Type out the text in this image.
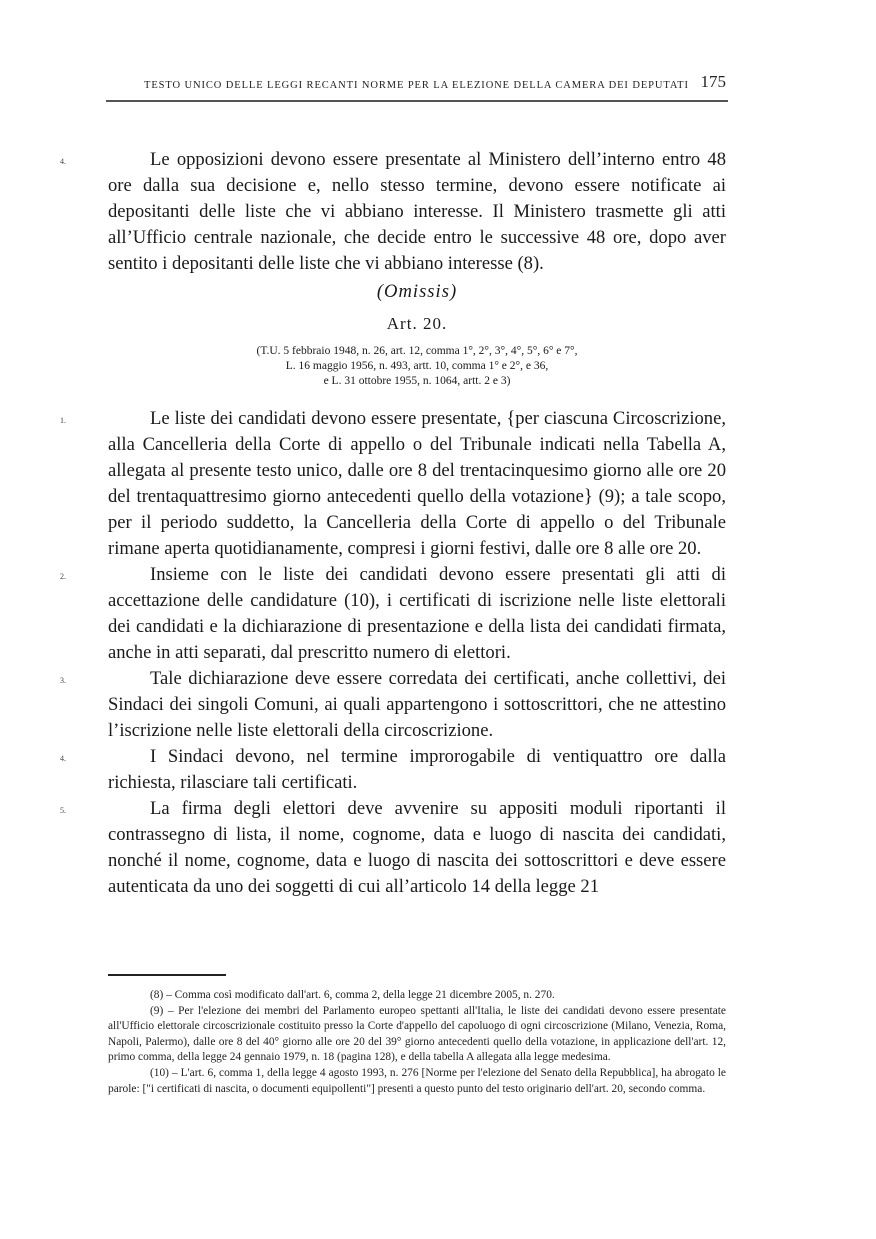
TESTO UNICO DELLE LEGGI RECANTI NORME PER LA ELEZIONE DELLA CAMERA DEI DEPUTATI 175

4.	Le opposizioni devono essere presentate al Ministero dell’interno entro 48 ore dalla sua decisione e, nello stesso termine, devono essere notificate ai depositanti delle liste che vi abbiano interesse. Il Ministero trasmette gli atti all’Ufficio centrale nazionale, che decide entro le successive 48 ore, dopo aver sentito i depositanti delle liste che vi abbiano interesse (8).

(Omissis)

Art. 20.

(T.U. 5 febbraio 1948, n. 26, art. 12, comma 1°, 2°, 3°, 4°, 5°, 6° e 7°,
L. 16 maggio 1956, n. 493, artt. 10, comma 1° e 2°, e 36,
e L. 31 ottobre 1955, n. 1064, artt. 2 e 3)

1.	Le liste dei candidati devono essere presentate, {per ciascuna Circoscrizione, alla Cancelleria della Corte di appello o del Tribunale indicati nella Tabella A, allegata al presente testo unico, dalle ore 8 del trentacinquesimo giorno alle ore 20 del trentaquattresimo giorno antecedenti quello della votazione} (9); a tale scopo, per il periodo suddetto, la Cancelleria della Corte di appello o del Tribunale rimane aperta quotidianamente, compresi i giorni festivi, dalle ore 8 alle ore 20.

2.	Insieme con le liste dei candidati devono essere presentati gli atti di accettazione delle candidature (10), i certificati di iscrizione nelle liste elettorali dei candidati e la dichiarazione di presentazione e della lista dei candidati firmata, anche in atti separati, dal prescritto numero di elettori.

3.	Tale dichiarazione deve essere corredata dei certificati, anche collettivi, dei Sindaci dei singoli Comuni, ai quali appartengono i sottoscrittori, che ne attestino l’iscrizione nelle liste elettorali della circoscrizione.

4.	I Sindaci devono, nel termine improrogabile di ventiquattro ore dalla richiesta, rilasciare tali certificati.

5.	La firma degli elettori deve avvenire su appositi moduli riportanti il contrassegno di lista, il nome, cognome, data e luogo di nascita dei candidati, nonché il nome, cognome, data e luogo di nascita dei sottoscrittori e deve essere autenticata da uno dei soggetti di cui all’articolo 14 della legge 21

(8) – Comma così modificato dall'art. 6, comma 2, della legge 21 dicembre 2005, n. 270.

(9) – Per l'elezione dei membri del Parlamento europeo spettanti all'Italia, le liste dei candidati devono essere presentate all'Ufficio elettorale circoscrizionale costituito presso la Corte d'appello del capoluogo di ogni circoscrizione (Milano, Venezia, Roma, Napoli, Palermo), dalle ore 8 del 40° giorno alle ore 20 del 39° giorno antecedenti quello della votazione, in applicazione dell'art. 12, primo comma, della legge 24 gennaio 1979, n. 18 (pagina 128), e della tabella A allegata alla legge medesima.

(10) – L'art. 6, comma 1, della legge 4 agosto 1993, n. 276 [Norme per l'elezione del Senato della Repubblica], ha abrogato le parole: ["i certificati di nascita, o documenti equipollenti"] presenti a questo punto del testo originario dell'art. 20, secondo comma.
